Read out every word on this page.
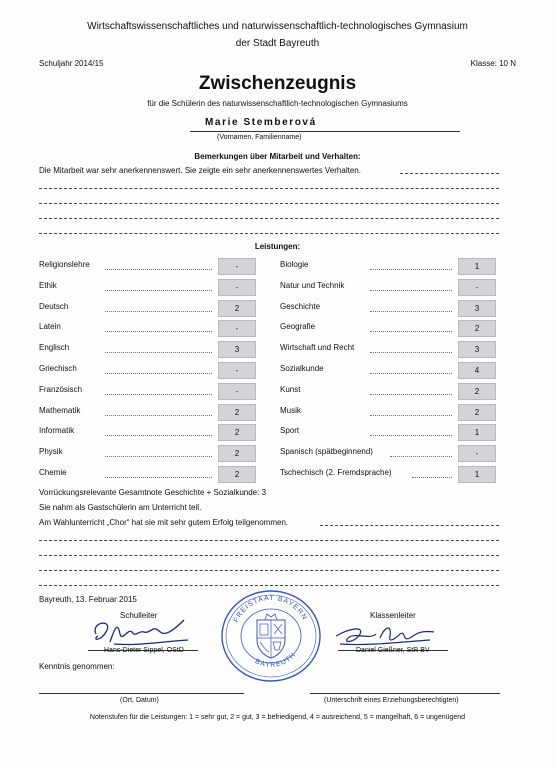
Wirtschaftswissenschaftliches und naturwissenschaftlich-technologisches Gymnasium
der Stadt Bayreuth
Schuljahr 2014/15	Klasse: 10 N
Zwischenzeugnis
für die Schülerin des naturwissenschaftlich-technologischen Gymnasiums
Marie Stemberová
(Vornamen, Familienname)
Bemerkungen über Mitarbeit und Verhalten:
Die Mitarbeit war sehr anerkennenswert. Sie zeigte ein sehr anerkennenswertes Verhalten.
Leistungen:
Vorrückungsrelevante Gesamtnote Geschichte + Sozialkunde: 3
Sie nahm als Gastschülerin am Unterricht teil.
Am Wahlunterricht „Chor“ hat sie mit sehr gutem Erfolg teilgenommen.
Bayreuth, 13. Februar 2015
Schulleiter	Klassenleiter
Hans-Dieter Sippel, OStD	Daniel Gießner, StR BV
FREISTAAT BAYERN
BAYREUTH
Kenntnis genommen:
(Ort, Datum)	(Unterschrift eines Erziehungsberechtigten)
Notenstufen für die Leistungen: 1 = sehr gut, 2 = gut, 3 = befriedigend, 4 = ausreichend, 5 = mangelhaft, 6 = ungenügend
Religionslehre	-
Ethik	-
Deutsch	2
Latein	-
Englisch	3
Griechisch	-
Französisch	-
Mathematik	2
Informatik	2
Physik	2
Chemie	2
Biologie	1
Natur und Technik	-
Geschichte	3
Geografie	2
Wirtschaft und Recht	3
Sozialkunde	4
Kunst	2
Musik	2
Sport	1
Spanisch (spätbeginnend)	-
Tschechisch (2. Fremdsprache)	1
